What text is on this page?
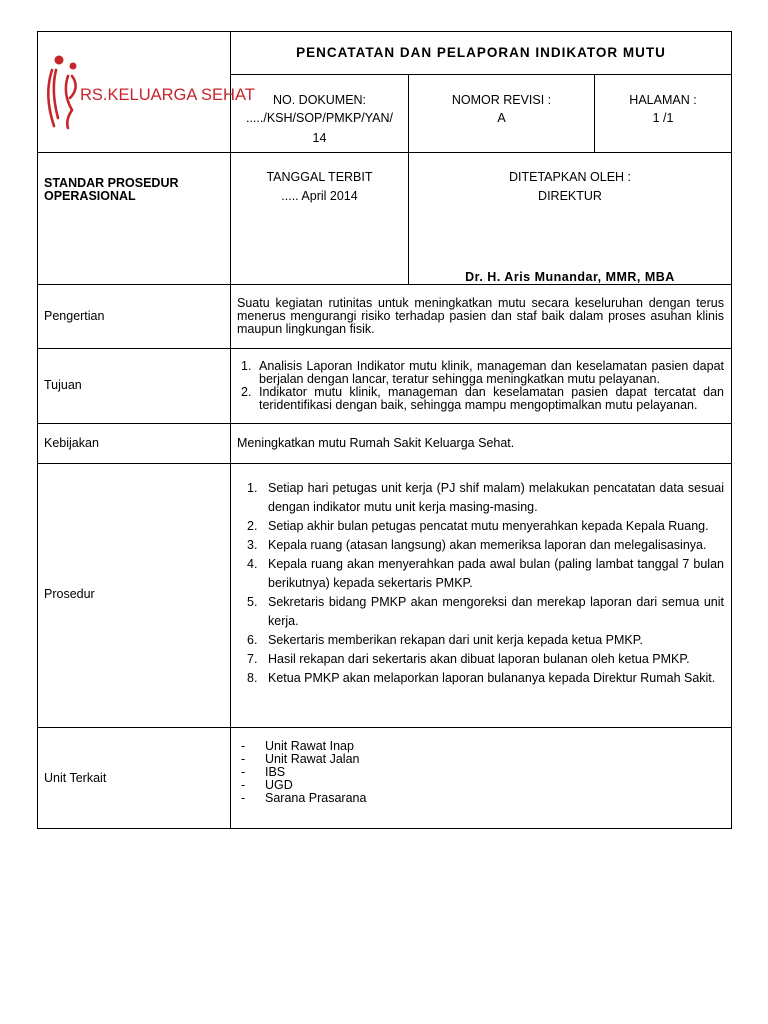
RS.KELUARGA SEHAT
PENCATATAN DAN PELAPORAN INDIKATOR MUTU
NO. DOKUMEN:
...../KSH/SOP/PMKP/YAN/
14
NOMOR REVISI :
A
HALAMAN :
1 /1
STANDAR PROSEDUR
OPERASIONAL
TANGGAL TERBIT
..... April 2014
DITETAPKAN OLEH :
DIREKTUR
Dr. H. Aris Munandar, MMR, MBA
Pengertian
Suatu kegiatan rutinitas untuk meningkatkan mutu secara keseluruhan dengan terus menerus mengurangi risiko terhadap pasien dan staf baik dalam proses asuhan klinis maupun lingkungan fisik.
Tujuan
1. Analisis Laporan Indikator mutu klinik, manageman dan keselamatan pasien dapat berjalan dengan lancar, teratur sehingga meningkatkan mutu pelayanan.
2. Indikator mutu klinik, manageman dan keselamatan pasien dapat tercatat dan teridentifikasi dengan baik, sehingga mampu mengoptimalkan mutu pelayanan.
Kebijakan	Meningkatkan mutu Rumah Sakit Keluarga Sehat.
Prosedur
1. Setiap hari petugas unit kerja (PJ shif malam) melakukan pencatatan data sesuai dengan indikator mutu unit kerja masing-masing.
2. Setiap akhir bulan petugas pencatat mutu menyerahkan kepada Kepala Ruang.
3. Kepala ruang (atasan langsung) akan memeriksa laporan dan melegalisasinya.
4. Kepala ruang akan menyerahkan pada awal bulan (paling lambat tanggal 7 bulan berikutnya) kepada sekertaris PMKP.
5. Sekretaris bidang PMKP akan mengoreksi dan merekap laporan dari semua unit kerja.
6. Sekertaris memberikan rekapan dari unit kerja kepada ketua PMKP.
7. Hasil rekapan dari sekertaris akan dibuat laporan bulanan oleh ketua PMKP.
8. Ketua PMKP akan melaporkan laporan bulananya kepada Direktur Rumah Sakit.
Unit Terkait
- Unit Rawat Inap
- Unit Rawat Jalan
- IBS
- UGD
- Sarana Prasarana
